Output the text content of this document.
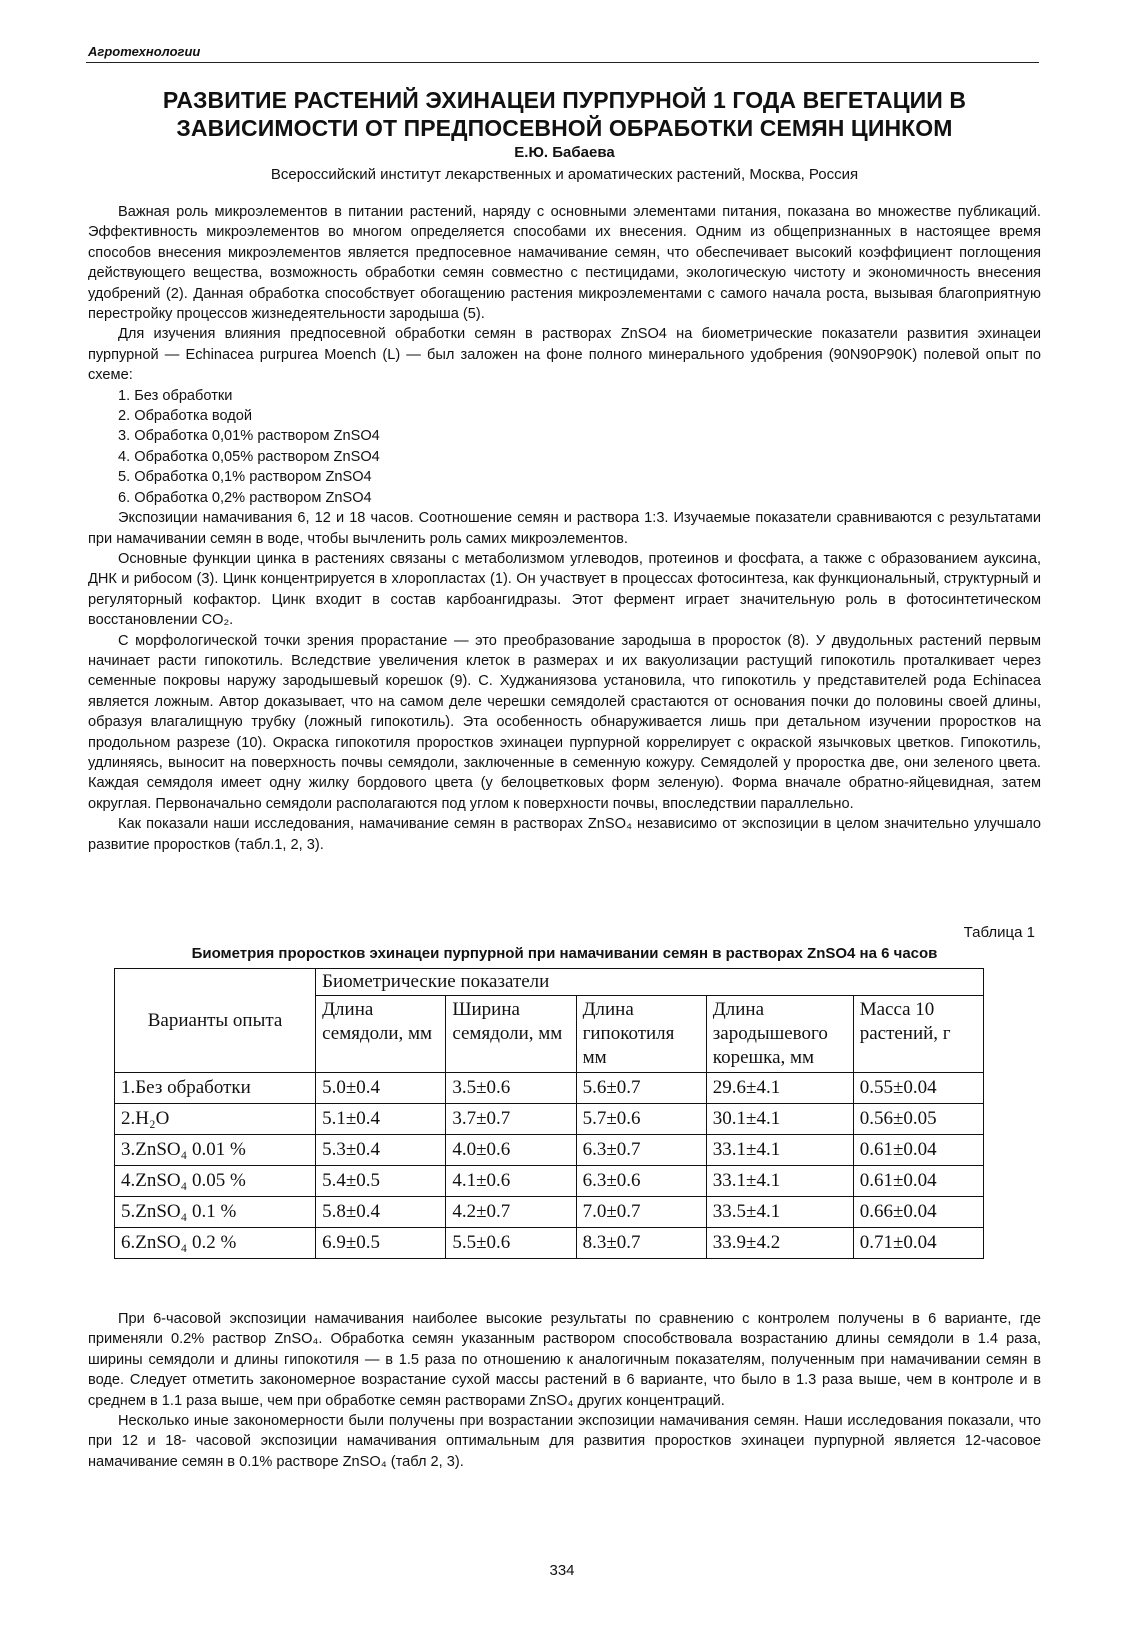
Агротехнологии
РАЗВИТИЕ РАСТЕНИЙ ЭХИНАЦЕИ ПУРПУРНОЙ 1 ГОДА ВЕГЕТАЦИИ В ЗАВИСИМОСТИ ОТ ПРЕДПОСЕВНОЙ ОБРАБОТКИ СЕМЯН ЦИНКОМ
Е.Ю. Бабаева
Всероссийский институт лекарственных и ароматических растений, Москва, Россия

Важная роль микроэлементов в питании растений, наряду с основными элементами питания, показана во множестве публикаций. Эффективность микроэлементов во многом определяется способами их внесения. Одним из общепризнанных в настоящее время способов внесения микроэлементов является предпосевное намачивание семян, что обеспечивает высокий коэффициент поглощения действующего вещества, возможность обработки семян совместно с пестицидами, экологическую чистоту и экономичность внесения удобрений (2). Данная обработка способствует обогащению растения микроэлементами с самого начала роста, вызывая благоприятную перестройку процессов жизнедеятельности зародыша (5).

Для изучения влияния предпосевной обработки семян в растворах ZnSO4 на биометрические показатели развития эхинацеи пурпурной — Echinacea purpurea Moench (L) — был заложен на фоне полного минерального удобрения (90N90P90K) полевой опыт по схеме:

1. Без обработки
2. Обработка водой
3. Обработка 0,01% раствором ZnSO4
4. Обработка 0,05% раствором ZnSO4
5. Обработка 0,1% раствором ZnSO4
6. Обработка 0,2% раствором ZnSO4

Экспозиции намачивания 6, 12 и 18 часов. Соотношение семян и раствора 1:3. Изучаемые показатели сравниваются с результатами при намачивании семян в воде, чтобы вычленить роль самих микроэлементов.

Основные функции цинка в растениях связаны с метаболизмом углеводов, протеинов и фосфата, а также с образованием ауксина, ДНК и рибосом (3). Цинк концентрируется в хлоропластах (1). Он участвует в процессах фотосинтеза, как функциональный, структурный и регуляторный кофактор. Цинк входит в состав карбоангидразы. Этот фермент играет значительную роль в фотосинтетическом восстановлении CO₂.

С морфологической точки зрения прорастание — это преобразование зародыша в проросток (8). У двудольных растений первым начинает расти гипокотиль. Вследствие увеличения клеток в размерах и их вакуолизации растущий гипокотиль проталкивает через семенные покровы наружу зародышевый корешок (9). С. Худжаниязова установила, что гипокотиль у представителей рода Echinacea является ложным. Автор доказывает, что на самом деле черешки семядолей срастаются от основания почки до половины своей длины, образуя влагалищную трубку (ложный гипокотиль). Эта особенность обнаруживается лишь при детальном изучении проростков на продольном разрезе (10). Окраска гипокотиля проростков эхинацеи пурпурной коррелирует с окраской язычковых цветков. Гипокотиль, удлиняясь, выносит на поверхность почвы семядоли, заключенные в семенную кожуру. Семядолей у проростка две, они зеленого цвета. Каждая семядоля имеет одну жилку бордового цвета (у белоцветковых форм зеленую). Форма вначале обратно-яйцевидная, затем округлая. Первоначально семядоли располагаются под углом к поверхности почвы, впоследствии параллельно.

Как показали наши исследования, намачивание семян в растворах ZnSO₄ независимо от экспозиции в целом значительно улучшало развитие проростков (табл.1, 2, 3).

Таблица 1
Биометрия проростков эхинацеи пурпурной при намачивании семян в растворах ZnSO4 на 6 часов
Варианты опыта	Биометрические показатели				
	Длина семядоли, мм	Ширина семядоли, мм	Длина гипокотиля мм	Длина зародышевого корешка, мм	Масса 10 растений, г
1.Без обработки	5.0±0.4	3.5±0.6	5.6±0.7	29.6±4.1	0.55±0.04
2.H₂O	5.1±0.4	3.7±0.7	5.7±0.6	30.1±4.1	0.56±0.05
3.ZnSO₄ 0.01 %	5.3±0.4	4.0±0.6	6.3±0.7	33.1±4.1	0.61±0.04
4.ZnSO₄ 0.05 %	5.4±0.5	4.1±0.6	6.3±0.6	33.1±4.1	0.61±0.04
5.ZnSO₄ 0.1 %	5.8±0.4	4.2±0.7	7.0±0.7	33.5±4.1	0.66±0.04
6.ZnSO₄ 0.2 %	6.9±0.5	5.5±0.6	8.3±0.7	33.9±4.2	0.71±0.04

При 6-часовой экспозиции намачивания наиболее высокие результаты по сравнению с контролем получены в 6 варианте, где применяли 0.2% раствор ZnSO₄. Обработка семян указанным раствором способствовала возрастанию длины семядоли в 1.4 раза, ширины семядоли и длины гипокотиля — в 1.5 раза по отношению к аналогичным показателям, полученным при намачивании семян в воде. Следует отметить закономерное возрастание сухой массы растений в 6 варианте, что было в 1.3 раза выше, чем в контроле и в среднем в 1.1 раза выше, чем при обработке семян растворами ZnSO₄ других концентраций.

Несколько иные закономерности были получены при возрастании экспозиции намачивания семян. Наши исследования показали, что при 12 и 18- часовой экспозиции намачивания оптимальным для развития проростков эхинацеи пурпурной является 12-часовое намачивание семян в 0.1% растворе ZnSO₄ (табл 2, 3).

334
